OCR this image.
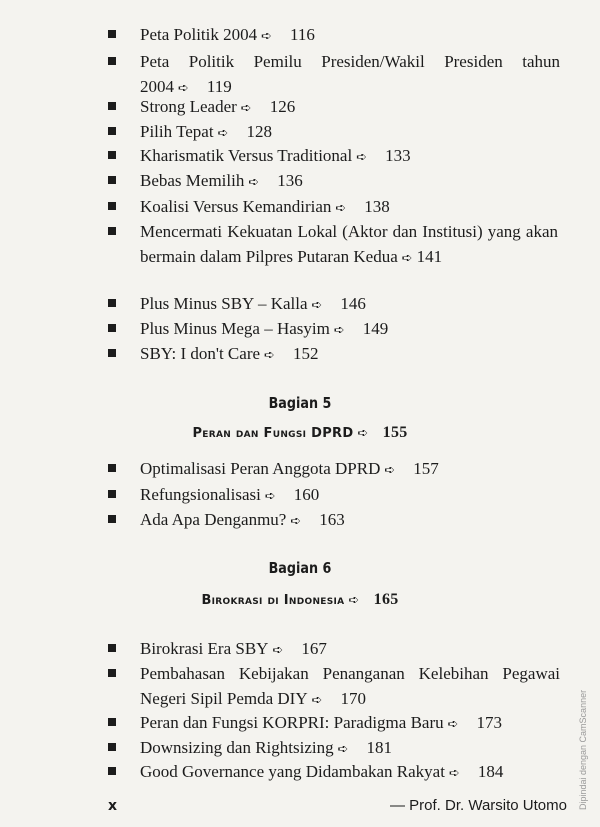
Peta Politik 2004 ➪ 116
Peta Politik Pemilu Presiden/Wakil Presiden tahun 2004 ➪ 119
Strong Leader ➪ 126
Pilih Tepat ➪ 128
Kharismatik Versus Traditional ➪ 133
Bebas Memilih ➪ 136
Koalisi Versus Kemandirian ➪ 138
Mencermati Kekuatan Lokal (Aktor dan Institusi) yang akan bermain dalam Pilpres Putaran Kedua ➪ 141
Plus Minus SBY – Kalla ➪ 146
Plus Minus Mega – Hasyim ➪ 149
SBY: I don't Care ➪ 152
Bagian 5
Peran dan Fungsi DPRD ➪ 155
Optimalisasi Peran Anggota DPRD ➪ 157
Refungsionalisasi ➪ 160
Ada Apa Denganmu? ➪ 163
Bagian 6
Birokrasi di Indonesia ➪ 165
Birokrasi Era SBY ➪ 167
Pembahasan Kebijakan Penanganan Kelebihan Pegawai Negeri Sipil Pemda DIY ➪ 170
Peran dan Fungsi KORPRI: Paradigma Baru ➪ 173
Downsizing dan Rightsizing ➪ 181
Good Governance yang Didambakan Rakyat ➪ 184
x	— Prof. Dr. Warsito Utomo Dipindai dengan CamScanner
